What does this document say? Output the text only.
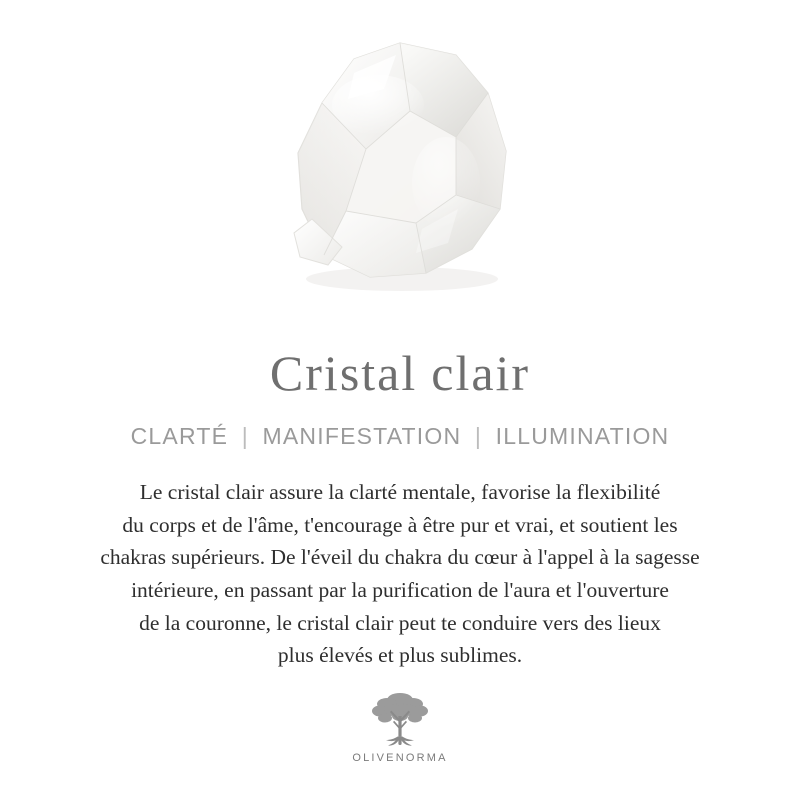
Cristal clair
CLARTÉ | MANIFESTATION | ILLUMINATION
Le cristal clair assure la clarté mentale, favorise la flexibilité
du corps et de l'âme, t'encourage à être pur et vrai, et soutient les
chakras supérieurs. De l'éveil du chakra du cœur à l'appel à la sagesse
intérieure, en passant par la purification de l'aura et l'ouverture
de la couronne, le cristal clair peut te conduire vers des lieux
plus élevés et plus sublimes.
OLIVENORMA
